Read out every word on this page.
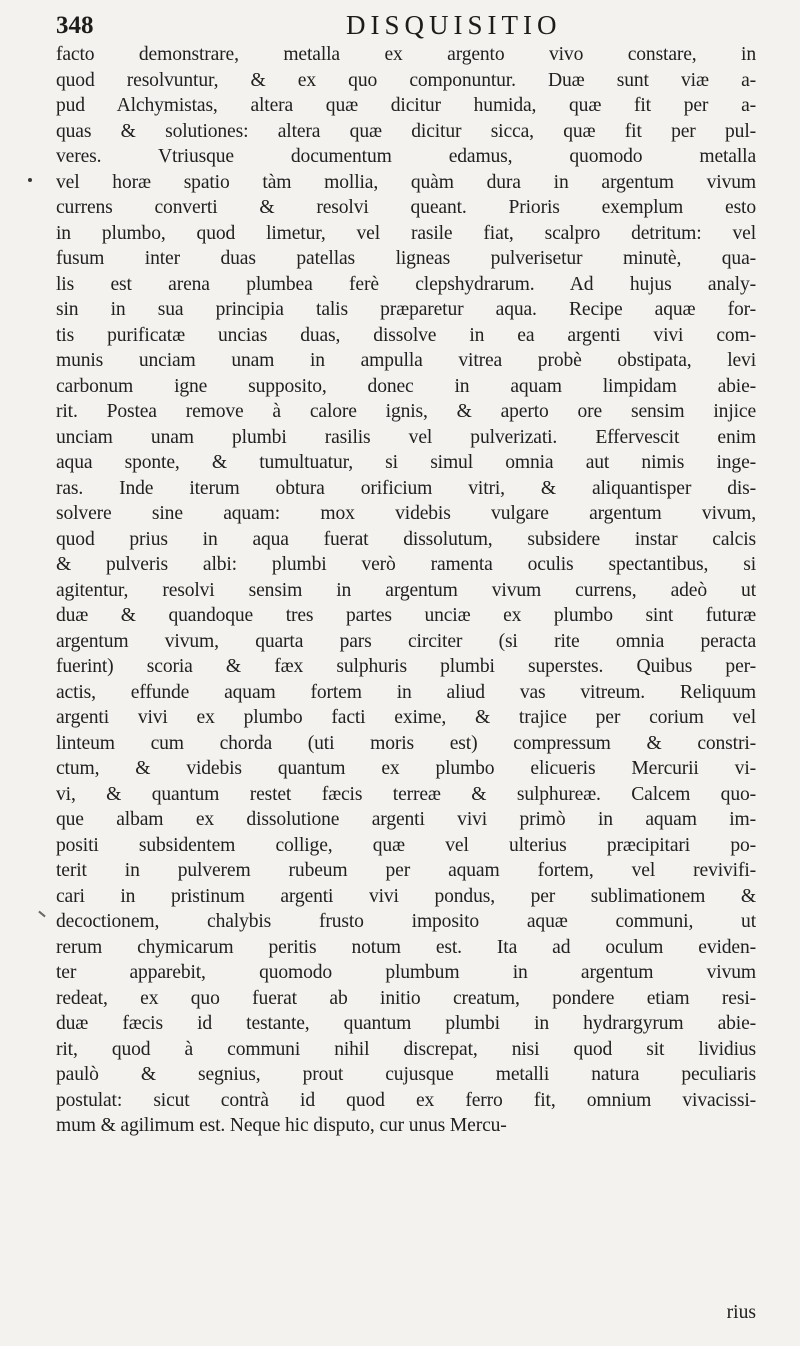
348	DISQUISITIO
facto demonstrare, metalla ex argento vivo constare, in
quod resolvuntur, & ex quo componuntur. Duæ sunt viæ a-
pud Alchymistas, altera quæ dicitur humida, quæ fit per a-
quas & solutiones: altera quæ dicitur sicca, quæ fit per pul-
veres. Vtriusque documentum edamus, quomodo metalla
vel horæ spatio tàm mollia, quàm dura in argentum vivum
currens converti & resolvi queant. Prioris exemplum esto
in plumbo, quod limetur, vel rasile fiat, scalpro detritum: vel
fusum inter duas patellas ligneas pulverisetur minutè, qua-
lis est arena plumbea ferè clepshydrarum. Ad hujus analy-
sin in sua principia talis præparetur aqua. Recipe aquæ for-
tis purificatæ uncias duas, dissolve in ea argenti vivi com-
munis unciam unam in ampulla vitrea probè obstipata, levi
carbonum igne supposito, donec in aquam limpidam abie-
rit. Postea remove à calore ignis, & aperto ore sensim injice
unciam unam plumbi rasilis vel pulverizati. Effervescit enim
aqua sponte, & tumultuatur, si simul omnia aut nimis inge-
ras. Inde iterum obtura orificium vitri, & aliquantisper dis-
solvere sine aquam: mox videbis vulgare argentum vivum,
quod prius in aqua fuerat dissolutum, subsidere instar calcis
& pulveris albi: plumbi verò ramenta oculis spectantibus, si
agitentur, resolvi sensim in argentum vivum currens, adeò ut
duæ & quandoque tres partes unciæ ex plumbo sint futuræ
argentum vivum, quarta pars circiter (si rite omnia peracta
fuerint) scoria & fæx sulphuris plumbi superstes. Quibus per-
actis, effunde aquam fortem in aliud vas vitreum. Reliquum
argenti vivi ex plumbo facti exime, & trajice per corium vel
linteum cum chorda (uti moris est) compressum & constri-
ctum, & videbis quantum ex plumbo elicueris Mercurii vi-
vi, & quantum restet fæcis terreæ & sulphureæ. Calcem quo-
que albam ex dissolutione argenti vivi primò in aquam im-
positi subsidentem collige, quæ vel ulterius præcipitari po-
terit in pulverem rubeum per aquam fortem, vel revivifi-
cari in pristinum argenti vivi pondus, per sublimationem &
decoctionem, chalybis frusto imposito aquæ communi, ut
rerum chymicarum peritis notum est. Ita ad oculum eviden-
ter apparebit, quomodo plumbum in argentum vivum
redeat, ex quo fuerat ab initio creatum, pondere etiam resi-
duæ fæcis id testante, quantum plumbi in hydrargyrum abie-
rit, quod à communi nihil discrepat, nisi quod sit lividius
paulò & segnius, prout cujusque metalli natura peculiaris
postulat: sicut contrà id quod ex ferro fit, omnium vivacissi-
mum & agilimum est. Neque hic disputo, cur unus Mercu-
rius
